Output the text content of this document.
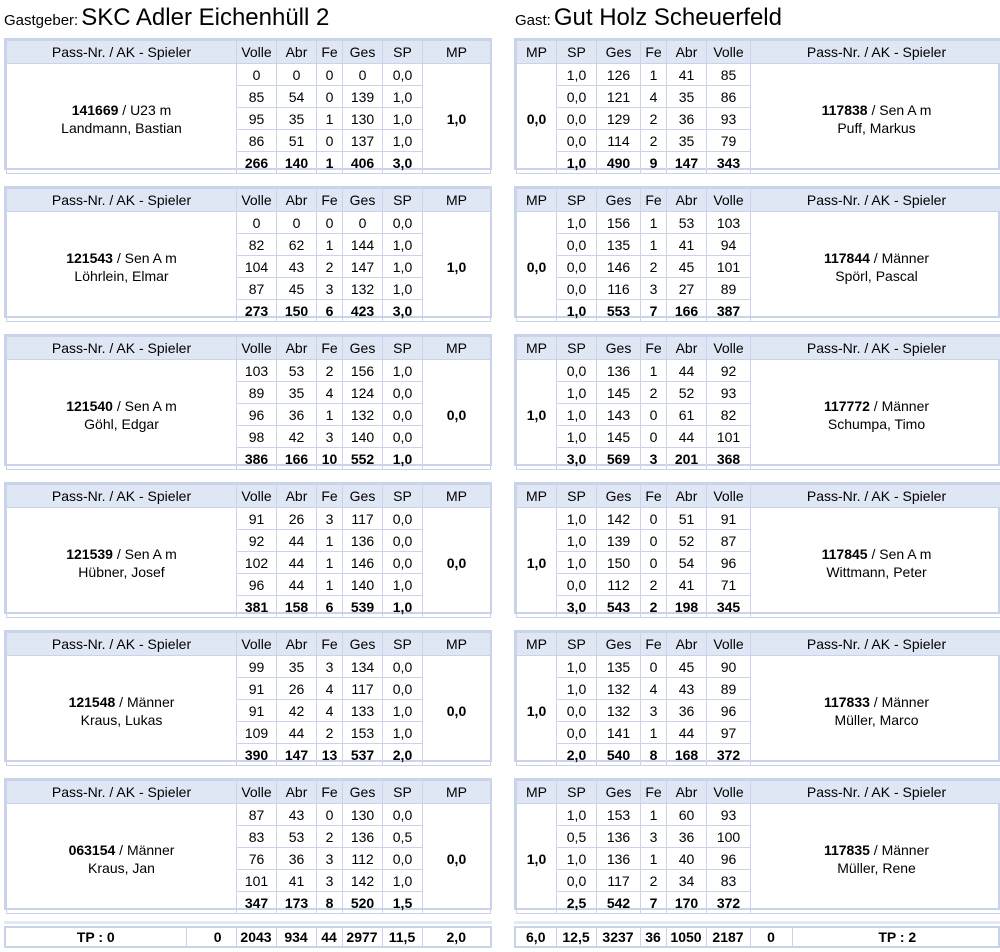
Gastgeber: SKC Adler Eichenhüll 2	Gast: Gut Holz Scheuerfeld
Pass-Nr. / AK - Spieler	Volle	Abr	Fe	Ges	SP	MP
141669 / U23 m
Landmann, Bastian	0	0	0	0	0,0	1,0
	85	54	0	139	1,0	
	95	35	1	130	1,0	
	86	51	0	137	1,0	
	266	140	1	406	3,0	
MP	SP	Ges	Fe	Abr	Volle	Pass-Nr. / AK - Spieler
0,0	1,0	126	1	41	85	117838 / Sen A m
Puff, Markus
	0,0	121	4	35	86	
	0,0	129	2	36	93	
	0,0	114	2	35	79	
	1,0	490	9	147	343	
Pass-Nr. / AK - Spieler	Volle	Abr	Fe	Ges	SP	MP
121543 / Sen A m
Löhrlein, Elmar	0	0	0	0	0,0	1,0
	82	62	1	144	1,0	
	104	43	2	147	1,0	
	87	45	3	132	1,0	
	273	150	6	423	3,0	
MP	SP	Ges	Fe	Abr	Volle	Pass-Nr. / AK - Spieler
0,0	1,0	156	1	53	103	117844 / Männer
Spörl, Pascal
	0,0	135	1	41	94	
	0,0	146	2	45	101	
	0,0	116	3	27	89	
	1,0	553	7	166	387	
Pass-Nr. / AK - Spieler	Volle	Abr	Fe	Ges	SP	MP
121540 / Sen A m
Göhl, Edgar	103	53	2	156	1,0	0,0
	89	35	4	124	0,0	
	96	36	1	132	0,0	
	98	42	3	140	0,0	
	386	166	10	552	1,0	
MP	SP	Ges	Fe	Abr	Volle	Pass-Nr. / AK - Spieler
1,0	0,0	136	1	44	92	117772 / Männer
Schumpa, Timo
	1,0	145	2	52	93	
	1,0	143	0	61	82	
	1,0	145	0	44	101	
	3,0	569	3	201	368	
Pass-Nr. / AK - Spieler	Volle	Abr	Fe	Ges	SP	MP
121539 / Sen A m
Hübner, Josef	91	26	3	117	0,0	0,0
	92	44	1	136	0,0	
	102	44	1	146	0,0	
	96	44	1	140	1,0	
	381	158	6	539	1,0	
MP	SP	Ges	Fe	Abr	Volle	Pass-Nr. / AK - Spieler
1,0	1,0	142	0	51	91	117845 / Sen A m
Wittmann, Peter
	1,0	139	0	52	87	
	1,0	150	0	54	96	
	0,0	112	2	41	71	
	3,0	543	2	198	345	
Pass-Nr. / AK - Spieler	Volle	Abr	Fe	Ges	SP	MP
121548 / Männer
Kraus, Lukas	99	35	3	134	0,0	0,0
	91	26	4	117	0,0	
	91	42	4	133	1,0	
	109	44	2	153	1,0	
	390	147	13	537	2,0	
MP	SP	Ges	Fe	Abr	Volle	Pass-Nr. / AK - Spieler
1,0	1,0	135	0	45	90	117833 / Männer
Müller, Marco
	1,0	132	4	43	89	
	0,0	132	3	36	96	
	0,0	141	1	44	97	
	2,0	540	8	168	372	
Pass-Nr. / AK - Spieler	Volle	Abr	Fe	Ges	SP	MP
063154 / Männer
Kraus, Jan	87	43	0	130	0,0	0,0
	83	53	2	136	0,5	
	76	36	3	112	0,0	
	101	41	3	142	1,0	
	347	173	8	520	1,5	
MP	SP	Ges	Fe	Abr	Volle	Pass-Nr. / AK - Spieler
1,0	1,0	153	1	60	93	117835 / Männer
Müller, Rene
	0,5	136	3	36	100	
	1,0	136	1	40	96	
	0,0	117	2	34	83	
	2,5	542	7	170	372	
TP : 0	0	2043	934	44	2977	11,5	2,0	6,0	12,5	3237	36	1050	2187	0	TP : 2
